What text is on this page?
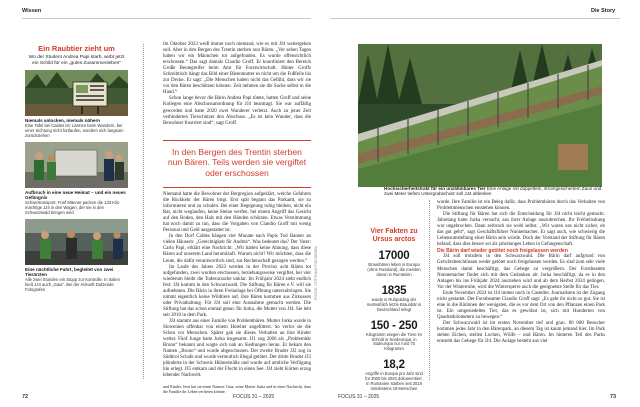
Wissen	Die Story
Ein Raubtier zieht um
Wo der Student Andrea Papi starb, wirbt jetzt ein Schild für ein „gutes Zusammenleben“
Niemals anlocken, niemals nähern
Eine Tafel bei Caldes ist: Lärmen beim Wandern, bei einer Sichtung nicht fortlaufen, sondern sich langsam zurückziehen
Aufbruch in eine neue Heimat – und ein neues Gefängnis
Schwertransport: Fünf Männer packen die 133 Kilo mächtige JJ4 in den Wagen, der sie in den Schwarzwald bringen wird
Eine nächtliche Fahrt, begleitet von zwei Tierärzten
Alle zwei Stunden ein Stopp zur Kontrolle. In Italien hieß JJ4 auch „Gaia“. Bei der Ankunft Dutzende Fotografen

Im Oktober 2023 weiß immer noch niemand, wie es mit JJ4 weitergehen soll. Aber in den Bergen des Trentin sterben nun Bären. „Vor sehen Tagen haben wir ein Männchen tot aufgefunden. Es wurde offensichtlich erschossen.“ Das sagt damals Claudio Groff. Er koordiniert den Bereich Große Beutegreifer beim Amt für Forstwirtschaft. Hinter Groffs Schreibtisch hängt das Bild einer Bärenmutter es nicht um die Fußfeile bis zur Decke. Er sagt: „Die Menschen haben nicht das Gefühl, dass wir sie vor den Bären beschützen können. Zeit nehmen sie die Sache selbst in die Hand.“

Schon lange bevor die Bärin Andrea Papi tötete, hatten Groff und seine Kollegen eine Abschussanordnung für JJ4 beantragt. Sie war auffällig geworden und hatte 2020 zwei Wanderer verletzt. Auch zu jener Zeit verhinderten Tierschützer den Abschuss. „Es ist kein Wunder, dass die Bewohner frustriert sind“, sagt Groff.

In den Bergen des Trentin sterben nun Bären. Teils werden sie vergiftet oder erschossen

Niemand hatte die Bewohner der Bergregion aufgeklärt, welche Gefahren die Rückkehr der Bären birgt. Erst spät begann das Parkamt, sie zu informieren und zu schulen. Bei einer Begegnung ruhig bleiben, nicht ein Rat, nicht weglaufen, keine Steine werfen, bei einem Angriff das Gesicht auf den Boden, den Hals mit den Händen schützen. Etwas Verstimmung hat noch damit zu tun, dass die Vorgaben von Claudio Groff mit wenig Personal und Geld ausgestattet ist.

In den Dorf Caldes hängen vier Monate nach Papis Tod Banner an vielen Häusern: „Gerechtigkeit für Andrea“. Was bedeutet das? Der Vater: Carlo Papi, erklärt eine Nachricht: „Wir hatten keine Ahnung, dass diese Bären auf unserem Land herumläuft. Warum nicht? Wir möchten, dass die Leute, die dafür verantwortlich sind, zur Rechenschaft gezogen werden.“

Im Laufe des Jahres 2023 werden in der Provinz acht Bären tot aufgefunden, zwei wurden erschossen, beziehungsweise vergiftet, bei vier wiederum bleibt die Todesursache unklar. Im Frühjahr 2024 steht endlich fest: JJ4 kommt in den Schwarzwald. Die Stiftung für Bären e.V. will sie aufnehmen. Die Bärin in ihren Freianlage bei Öffnung unterzubringen. Sie nimmt eigentlich keine Wildtiere auf, ihre Bären kommen aus Zirkussen oder Privathaltung. Für JJ4 soll eine Ausnahme gemacht werden. Die Stiftung hat das schon einmal getan: für Jurka, die Mutter von JJ4. Sie lebt seit 2010 in dem Park.

JJ4 stammt aus einer Familie von Problembären. Mutter Jurka wurde in Slowenien offenbar von einem Hotelier angefüttert. So verlor sie die Scheu vor Menschen. Später gab sie dieses Verhalten an ihre Kinder weiter. Fünf Junge hatte Jurka insgesamt. JJ1 zog 2006 als „Problembär Bruno“ bekannt und wagte sich nah an Siedlungen heran. Er bekam den Namen „Bruno“ und wurde abgeschossen. Der zweite Bruder JJ2 zog in Südtirol Schafe und wurde vermutlich illegal getötet. Der dritte Bruder JJ3 plünderte in der Schweiz Hühnerställe und wurde auf amtliche Verfügung hin erlegt. JJ5 entkam und der Flucht in einen See. JJ4 zieht Kürten erzog lebender Nachwelt.

FOTOS: STIFTUNG FÜR BÄREN
Hochsicherheitstrakt für ein unzähmbares Tier Eine Anlage mit doppeltem, stromgesichertem Zaun und zwei Meter tiefem Untergrabschutz soll JJ4 ablenken
Vier Fakten zu Ursus arctos
17000
Braunbären leben in Europa (ohne Russland), die meisten davon in Rumänien
1835
wurde in Ruhpolding der mutmaßlich letzte Braunbär in Deutschland erlegt
150 - 250
Kilogramm wiegen die Tiere im Schnitt in Nordeuropa, in Südeuropa nur rund 70 Kilogramm
18,2
Angriffe in Europa pro Jahr sind für 2000 bis 2020 dokumentiert. In Rumänien starben seit 2019 mindestens 19 Menschen

wurde. Ihre Familie ist ein Beleg dafür, dass Problembären durch das Verhalten von Problemmenschen entstehen können.

Die Stiftung für Bären hat sich die Entscheidung für JJ4 nicht leicht gemacht. Jahrelang hatte Jurka versucht, aus ihrer Anlage auszubrechen. Ihr Freiheitsdrang war ungebrochen. Dann zerbrach sie wohl selbst. „Wir waren uns nicht sicher, ob das gut geht“, sagt Geschäftsführer Nonnemacher. Er sagt auch, wie schwierig die Lebensumstellung einer Bärin sein würde. Doch der Vorstand der Stiftung für Bären befand, dass dies besser sei als jahrelanges Leben in Gefangenschaft.

Die Bärin darf wieder getötet noch freigelassen werden

JJ4 soll trotzdem in den Schwarzwald. Die Bärin darf aufgrund von Gerichtsbeschlüssen weder getötet noch freigelassen werden. Es sind zum sehr viele Menschen damit beschäftigt, das Gehege zu vergrößern. Der Forstbeamte Nonnemacher findet sich mit dem Gedanken ab: Jurka beschäftigt, da es in den Anlagen bis ins Frühjahr 2024 ausziehen wird und ab dem Herbst 2024 gelingen. Vor der Winterruhe, wird die Wintersperre auch die geeignetste Stelle für das Tier.

Ende November 2024 ist JJ4 immer noch in Casteller. Journalisten ist der Zugang nicht gestattet. Der Forstbeamte Claudio Groff sagt: „Es geht ihr nicht so gut. Sie ist eine in die Bärinnen der wenigsten, die es vor dem Ort von den Pflanzen einen Park ist. Ein umgesiedeltes Tier, das es gewöhnt ist, sich mit Hunderten von Quadratkilometern zu bewegen.“

Der Schwarzwald ist im ersten November tief und grau. 80 000 Besucher kommen jedes Jahr in den Bärenpark, an diesem Tag ist kaum jemand hier. Im Park stehen Eichen, steilen Lochen, Wölfe – und Bären. Im hinteren Teil des Parks entsteht das Gehege für JJ4. Die Anlage besteht aus viel

und Kinder. Jetzt hat sie einen Namen: Gaia, seine Mutter Jurka und in einer Nachricht, dass die Familie ihr Leben verlieren könnte.
72	FOCUS 31 – 2025	FOCUS 31 – 2025	73
